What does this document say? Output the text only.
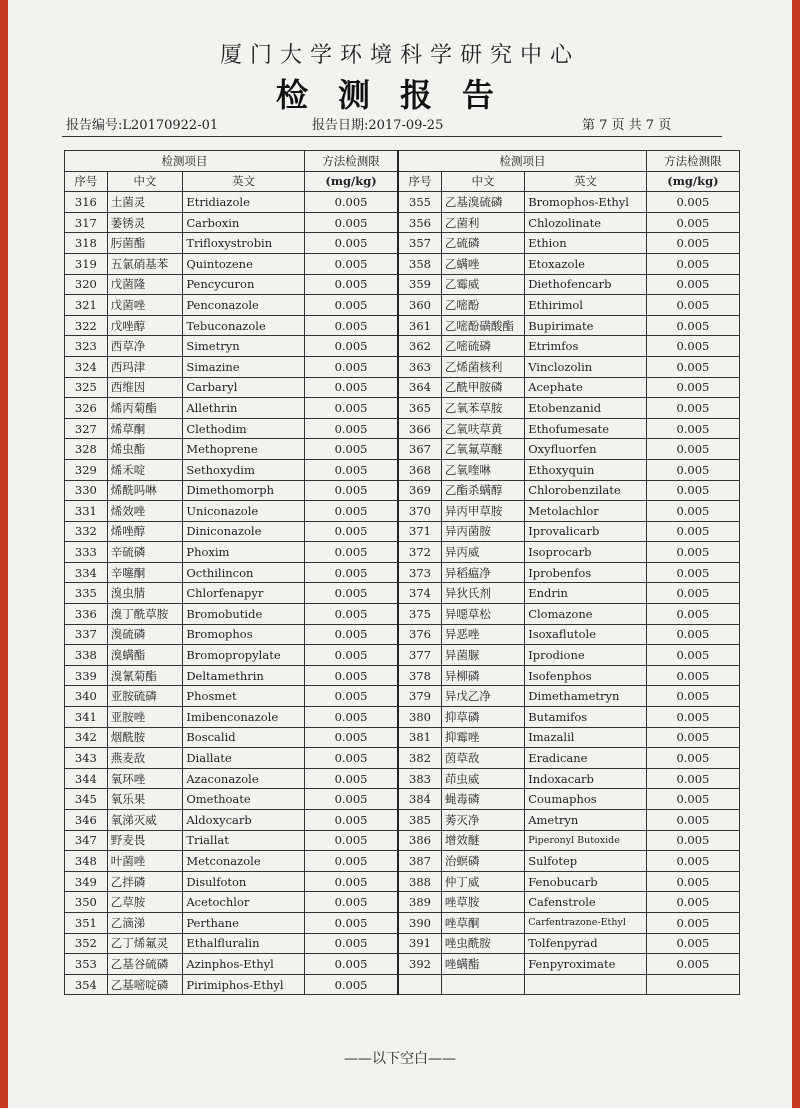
厦门大学环境科学研究中心
检测报告
报告编号:L20170922-01	报告日期:2017-09-25	第 7 页 共 7 页
检测项目			方法检测限	检测项目			方法检测限
序号	中文	英文	(mg/kg)	序号	中文	英文	(mg/kg)
316	土菌灵	Etridiazole	0.005	355	乙基溴硫磷	Bromophos-Ethyl	0.005
317	萎锈灵	Carboxin	0.005	356	乙菌利	Chlozolinate	0.005
318	肟菌酯	Trifloxystrobin	0.005	357	乙硫磷	Ethion	0.005
319	五氯硝基苯	Quintozene	0.005	358	乙螨唑	Etoxazole	0.005
320	戊菌隆	Pencycuron	0.005	359	乙霉威	Diethofencarb	0.005
321	戊菌唑	Penconazole	0.005	360	乙嘧酚	Ethirimol	0.005
322	戊唑醇	Tebuconazole	0.005	361	乙嘧酚磺酸酯	Bupirimate	0.005
323	西草净	Simetryn	0.005	362	乙嘧硫磷	Etrimfos	0.005
324	西玛津	Simazine	0.005	363	乙烯菌核利	Vinclozolin	0.005
325	西维因	Carbaryl	0.005	364	乙酰甲胺磷	Acephate	0.005
326	烯丙菊酯	Allethrin	0.005	365	乙氧苯草胺	Etobenzanid	0.005
327	烯草酮	Clethodim	0.005	366	乙氧呋草黄	Ethofumesate	0.005
328	烯虫酯	Methoprene	0.005	367	乙氧氟草醚	Oxyfluorfen	0.005
329	烯禾啶	Sethoxydim	0.005	368	乙氧喹啉	Ethoxyquin	0.005
330	烯酰吗啉	Dimethomorph	0.005	369	乙酯杀螨醇	Chlorobenzilate	0.005
331	烯效唑	Uniconazole	0.005	370	异丙甲草胺	Metolachlor	0.005
332	烯唑醇	Diniconazole	0.005	371	异丙菌胺	Iprovalicarb	0.005
333	辛硫磷	Phoxim	0.005	372	异丙威	Isoprocarb	0.005
334	辛噻酮	Octhilincon	0.005	373	异稻瘟净	Iprobenfos	0.005
335	溴虫腈	Chlorfenapyr	0.005	374	异狄氏剂	Endrin	0.005
336	溴丁酰草胺	Bromobutide	0.005	375	异噁草松	Clomazone	0.005
337	溴硫磷	Bromophos	0.005	376	异恶唑	Isoxaflutole	0.005
338	溴螨酯	Bromopropylate	0.005	377	异菌脲	Iprodione	0.005
339	溴氰菊酯	Deltamethrin	0.005	378	异柳磷	Isofenphos	0.005
340	亚胺硫磷	Phosmet	0.005	379	异戊乙净	Dimethametryn	0.005
341	亚胺唑	Imibenconazole	0.005	380	抑草磷	Butamifos	0.005
342	烟酰胺	Boscalid	0.005	381	抑霉唑	Imazalil	0.005
343	燕麦敌	Diallate	0.005	382	茵草敌	Eradicane	0.005
344	氧环唑	Azaconazole	0.005	383	茚虫威	Indoxacarb	0.005
345	氧乐果	Omethoate	0.005	384	蝇毒磷	Coumaphos	0.005
346	氧涕灭威	Aldoxycarb	0.005	385	莠灭净	Ametryn	0.005
347	野麦畏	Triallat	0.005	386	增效醚	Piperonyl Butoxide	0.005
348	叶菌唑	Metconazole	0.005	387	治螟磷	Sulfotep	0.005
349	乙拌磷	Disulfoton	0.005	388	仲丁威	Fenobucarb	0.005
350	乙草胺	Acetochlor	0.005	389	唑草胺	Cafenstrole	0.005
351	乙滴涕	Perthane	0.005	390	唑草酮	Carfentrazone-Ethyl	0.005
352	乙丁烯氟灵	Ethalfluralin	0.005	391	唑虫酰胺	Tolfenpyrad	0.005
353	乙基谷硫磷	Azinphos-Ethyl	0.005	392	唑螨酯	Fenpyroximate	0.005
354	乙基嘧啶磷	Pirimiphos-Ethyl	0.005				
——以下空白——
